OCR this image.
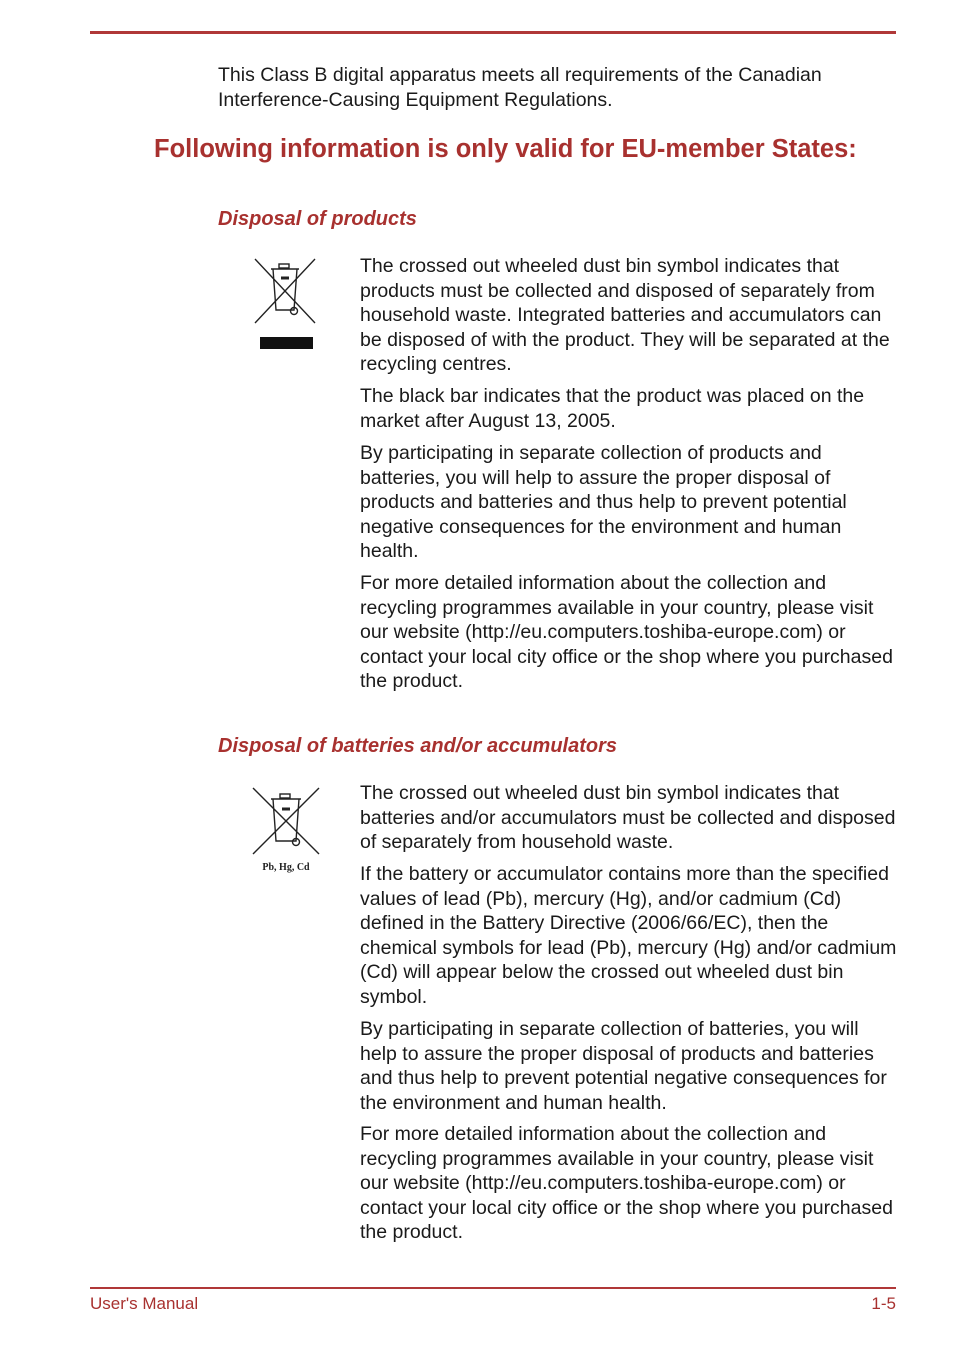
This Class B digital apparatus meets all requirements of the Canadian Interference-Causing Equipment Regulations.

Following information is only valid for EU-member States:
Disposal of products

The crossed out wheeled dust bin symbol indicates that products must be collected and disposed of separately from household waste. Integrated batteries and accumulators can be disposed of with the product. They will be separated at the recycling centres.

The black bar indicates that the product was placed on the market after August 13, 2005.

By participating in separate collection of products and batteries, you will help to assure the proper disposal of products and batteries and thus help to prevent potential negative consequences for the environment and human health.

For more detailed information about the collection and recycling programmes available in your country, please visit our website (http://eu.computers.toshiba-europe.com) or contact your local city office or the shop where you purchased the product.

Disposal of batteries and/or accumulators
Pb, Hg, Cd

The crossed out wheeled dust bin symbol indicates that batteries and/or accumulators must be collected and disposed of separately from household waste.

If the battery or accumulator contains more than the specified values of lead (Pb), mercury (Hg), and/or cadmium (Cd) defined in the Battery Directive (2006/66/EC), then the chemical symbols for lead (Pb), mercury (Hg) and/or cadmium (Cd) will appear below the crossed out wheeled dust bin symbol.

By participating in separate collection of batteries, you will help to assure the proper disposal of products and batteries and thus help to prevent potential negative consequences for the environment and human health.

For more detailed information about the collection and recycling programmes available in your country, please visit our website (http://eu.computers.toshiba-europe.com) or contact your local city office or the shop where you purchased the product.

User's Manual	1-5
